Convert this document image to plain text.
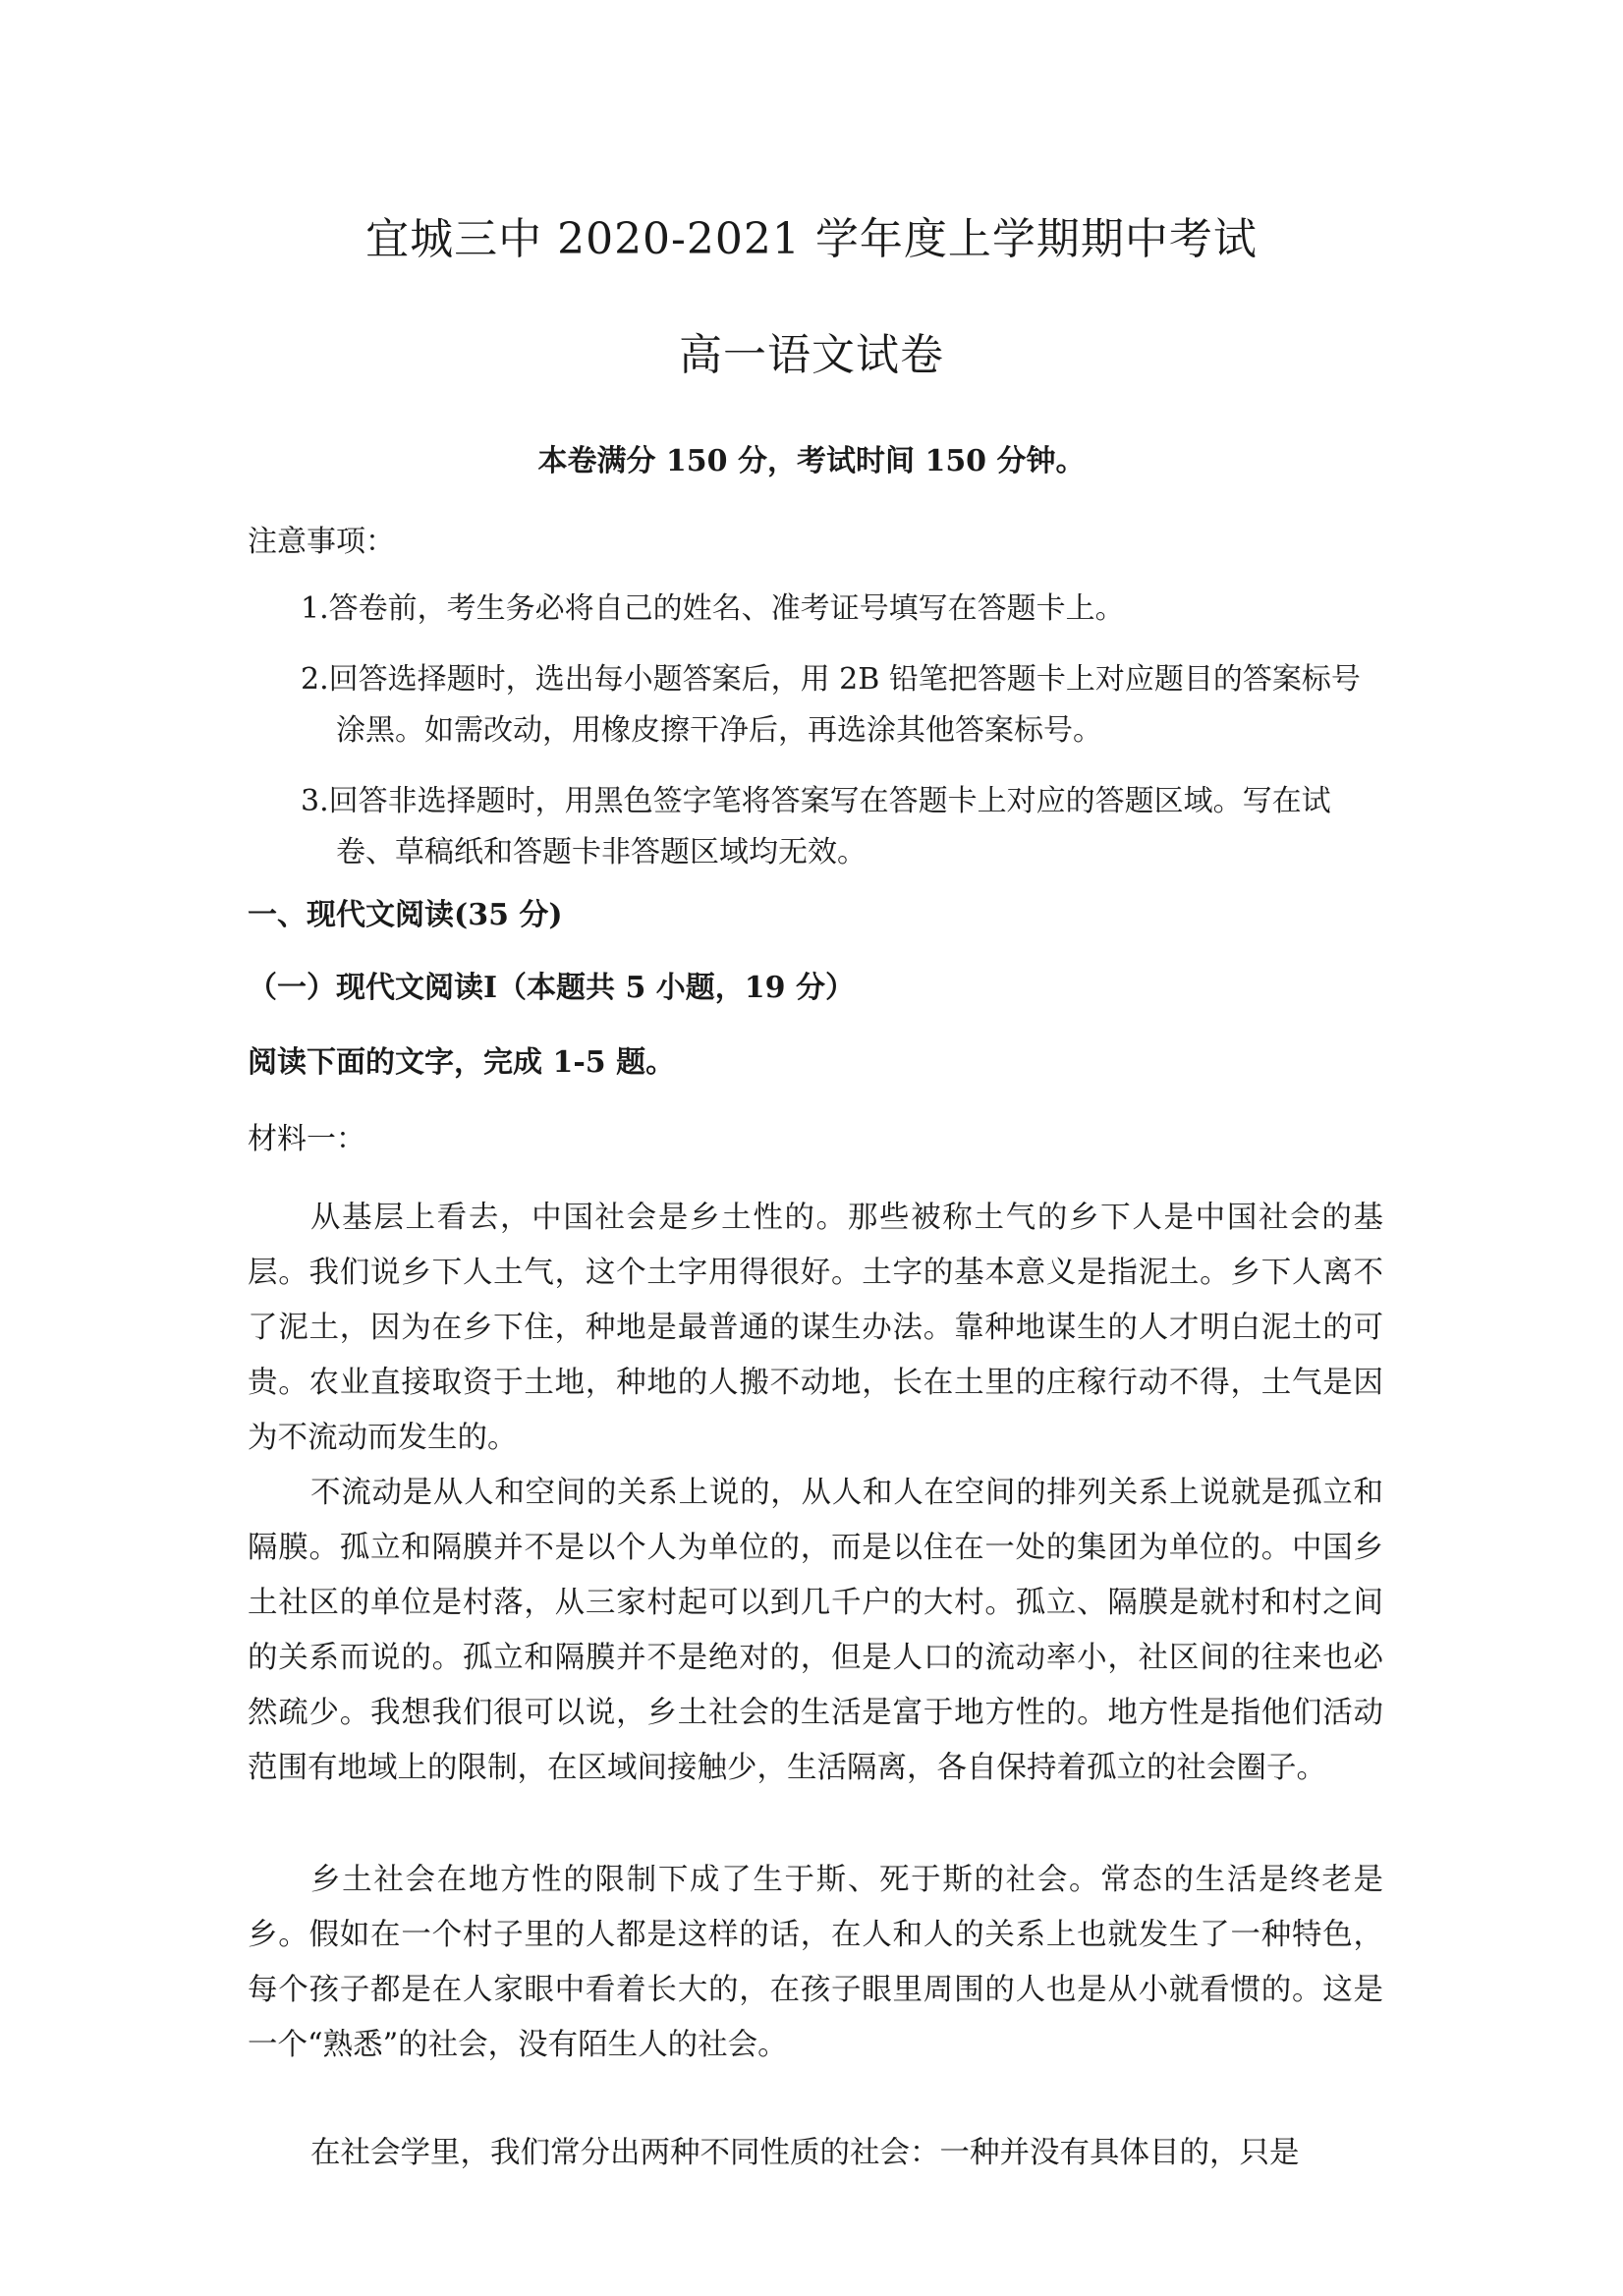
宜城三中 2020-2021 学年度上学期期中考试
高一语文试卷
本卷满分 150 分，考试时间 150 分钟。
注意事项：
1.答卷前，考生务必将自己的姓名、准考证号填写在答题卡上。
2.回答选择题时，选出每小题答案后，用 2B 铅笔把答题卡上对应题目的答案标号涂黑。如需改动，用橡皮擦干净后，再选涂其他答案标号。
3.回答非选择题时，用黑色签字笔将答案写在答题卡上对应的答题区域。写在试卷、草稿纸和答题卡非答题区域均无效。
一、现代文阅读(35 分)
（一）现代文阅读Ⅰ（本题共 5 小题，19 分）
阅读下面的文字，完成 1-5 题。
材料一：

从基层上看去，中国社会是乡土性的。那些被称土气的乡下人是中国社会的基层。我们说乡下人土气，这个土字用得很好。土字的基本意义是指泥土。乡下人离不了泥土，因为在乡下住，种地是最普通的谋生办法。靠种地谋生的人才明白泥土的可贵。农业直接取资于土地，种地的人搬不动地，长在土里的庄稼行动不得，土气是因为不流动而发生的。

不流动是从人和空间的关系上说的，从人和人在空间的排列关系上说就是孤立和隔膜。孤立和隔膜并不是以个人为单位的，而是以住在一处的集团为单位的。中国乡土社区的单位是村落，从三家村起可以到几千户的大村。孤立、隔膜是就村和村之间的关系而说的。孤立和隔膜并不是绝对的，但是人口的流动率小，社区间的往来也必然疏少。我想我们很可以说，乡土社会的生活是富于地方性的。地方性是指他们活动范围有地域上的限制，在区域间接触少，生活隔离，各自保持着孤立的社会圈子。

乡土社会在地方性的限制下成了生于斯、死于斯的社会。常态的生活是终老是乡。假如在一个村子里的人都是这样的话，在人和人的关系上也就发生了一种特色，每个孩子都是在人家眼中看着长大的，在孩子眼里周围的人也是从小就看惯的。这是一个“熟悉”的社会，没有陌生人的社会。

在社会学里，我们常分出两种不同性质的社会：一种并没有具体目的，只是
